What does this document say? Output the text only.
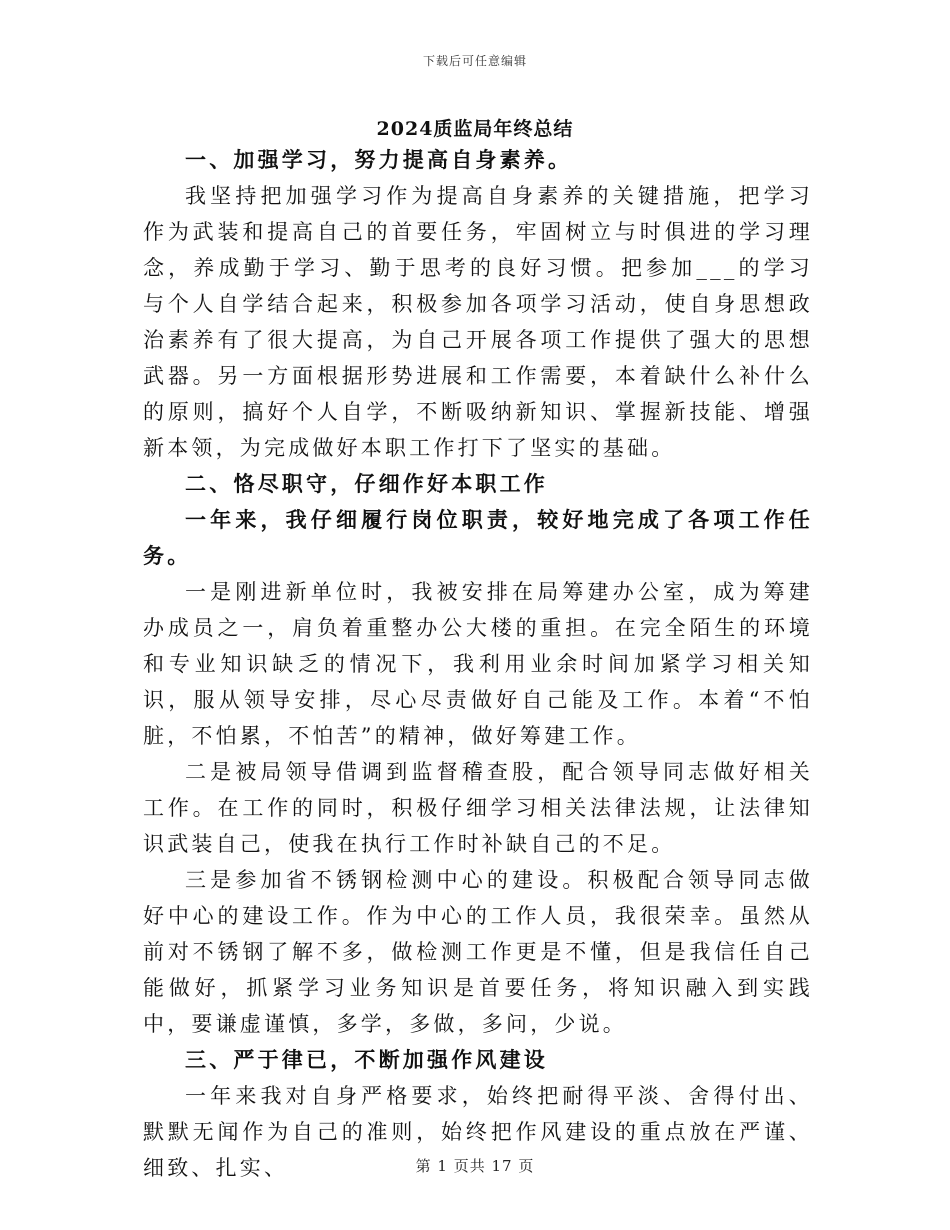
下载后可任意编辑
2024质监局年终总结

一、加强学习，努力提高自身素养。

我坚持把加强学习作为提高自身素养的关键措施，把学习作为武装和提高自己的首要任务，牢固树立与时俱进的学习理念，养成勤于学习、勤于思考的良好习惯。把参加___的学习与个人自学结合起来，积极参加各项学习活动，使自身思想政治素养有了很大提高，为自己开展各项工作提供了强大的思想武器。另一方面根据形势进展和工作需要，本着缺什么补什么的原则，搞好个人自学，不断吸纳新知识、掌握新技能、增强新本领，为完成做好本职工作打下了坚实的基础。

二、恪尽职守，仔细作好本职工作

一年来，我仔细履行岗位职责，较好地完成了各项工作任务。

一是刚进新单位时，我被安排在局筹建办公室，成为筹建办成员之一，肩负着重整办公大楼的重担。在完全陌生的环境和专业知识缺乏的情况下，我利用业余时间加紧学习相关知识，服从领导安排，尽心尽责做好自己能及工作。本着“不怕脏，不怕累，不怕苦”的精神，做好筹建工作。

二是被局领导借调到监督稽查股，配合领导同志做好相关工作。在工作的同时，积极仔细学习相关法律法规，让法律知识武装自己，使我在执行工作时补缺自己的不足。

三是参加省不锈钢检测中心的建设。积极配合领导同志做好中心的建设工作。作为中心的工作人员，我很荣幸。虽然从前对不锈钢了解不多，做检测工作更是不懂，但是我信任自己能做好，抓紧学习业务知识是首要任务，将知识融入到实践中，要谦虚谨慎，多学，多做，多问，少说。

三、严于律已，不断加强作风建设

一年来我对自身严格要求，始终把耐得平淡、舍得付出、默默无闻作为自己的准则，始终把作风建设的重点放在严谨、细致、扎实、	第 1 页共 17 页
